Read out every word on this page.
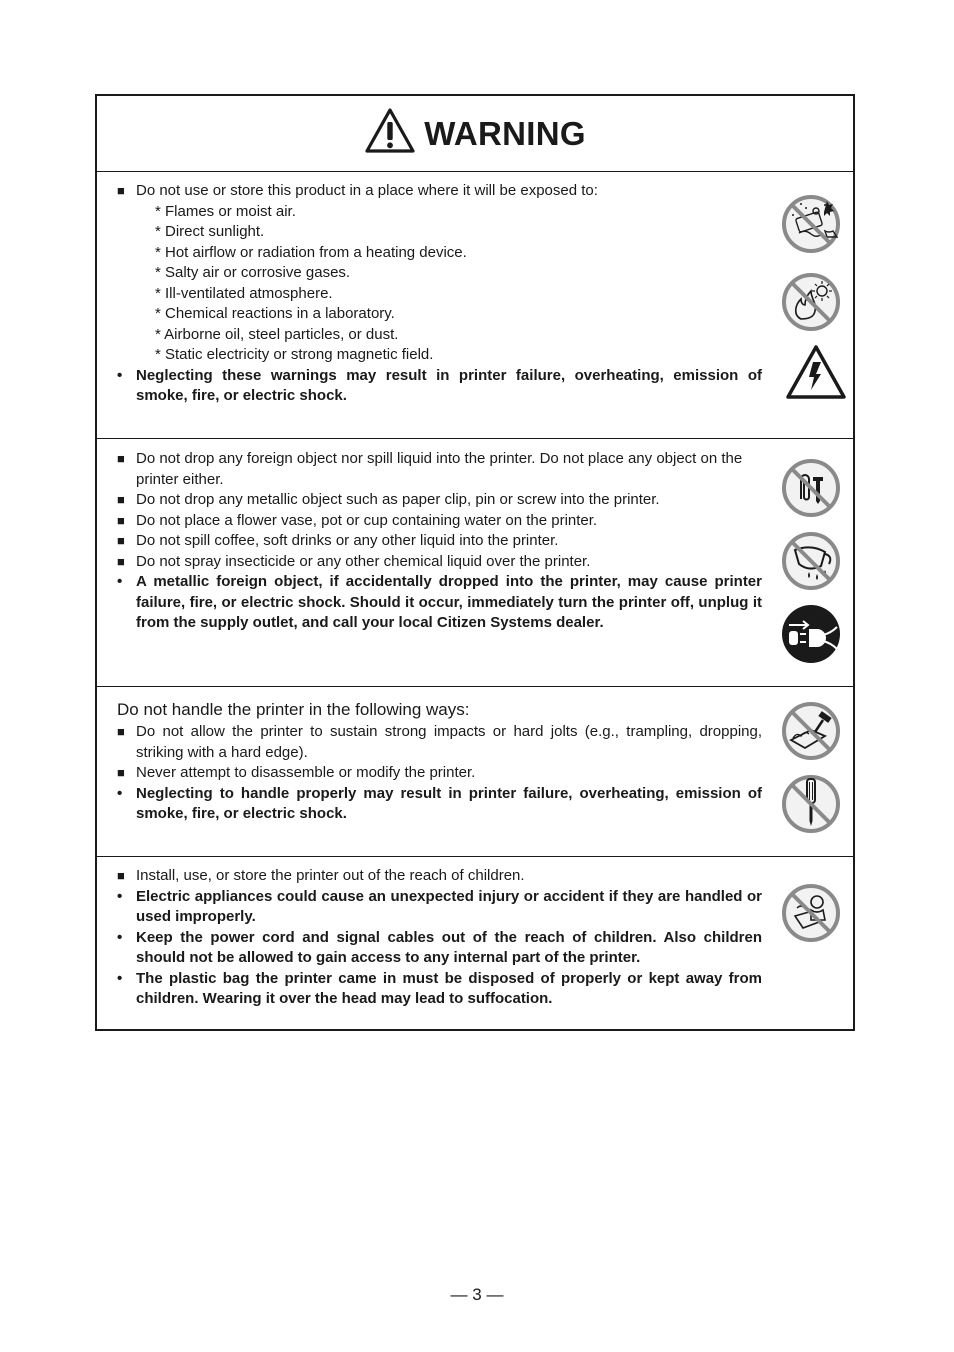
WARNING
■ Do not use or store this product in a place where it will be exposed to:
* Flames or moist air.
* Direct sunlight.
* Hot airflow or radiation from a heating device.
* Salty air or corrosive gases.
* Ill-ventilated atmosphere.
* Chemical reactions in a laboratory.
* Airborne oil, steel particles, or dust.
* Static electricity or strong magnetic field.
• Neglecting these warnings may result in printer failure, overheating, emission of smoke, fire, or electric shock.
■ Do not drop any foreign object nor spill liquid into the printer. Do not place any object on the printer either.
■ Do not drop any metallic object such as paper clip, pin or screw into the printer.
■ Do not place a flower vase, pot or cup containing water on the printer.
■ Do not spill coffee, soft drinks or any other liquid into the printer.
■ Do not spray insecticide or any other chemical liquid over the printer.
• A metallic foreign object, if accidentally dropped into the printer, may cause printer failure, fire, or electric shock. Should it occur, immediately turn the printer off, unplug it from the supply outlet, and call your local Citizen Systems dealer.
Do not handle the printer in the following ways:
■ Do not allow the printer to sustain strong impacts or hard jolts (e.g., trampling, dropping, striking with a hard edge).
■ Never attempt to disassemble or modify the printer.
• Neglecting to handle properly may result in printer failure, overheating, emission of smoke, fire, or electric shock.
■ Install, use, or store the printer out of the reach of children.
• Electric appliances could cause an unexpected injury or accident if they are handled or used improperly.
• Keep the power cord and signal cables out of the reach of children. Also children should not be allowed to gain access to any internal part of the printer.
• The plastic bag the printer came in must be disposed of properly or kept away from children. Wearing it over the head may lead to suffocation.
— 3 —
